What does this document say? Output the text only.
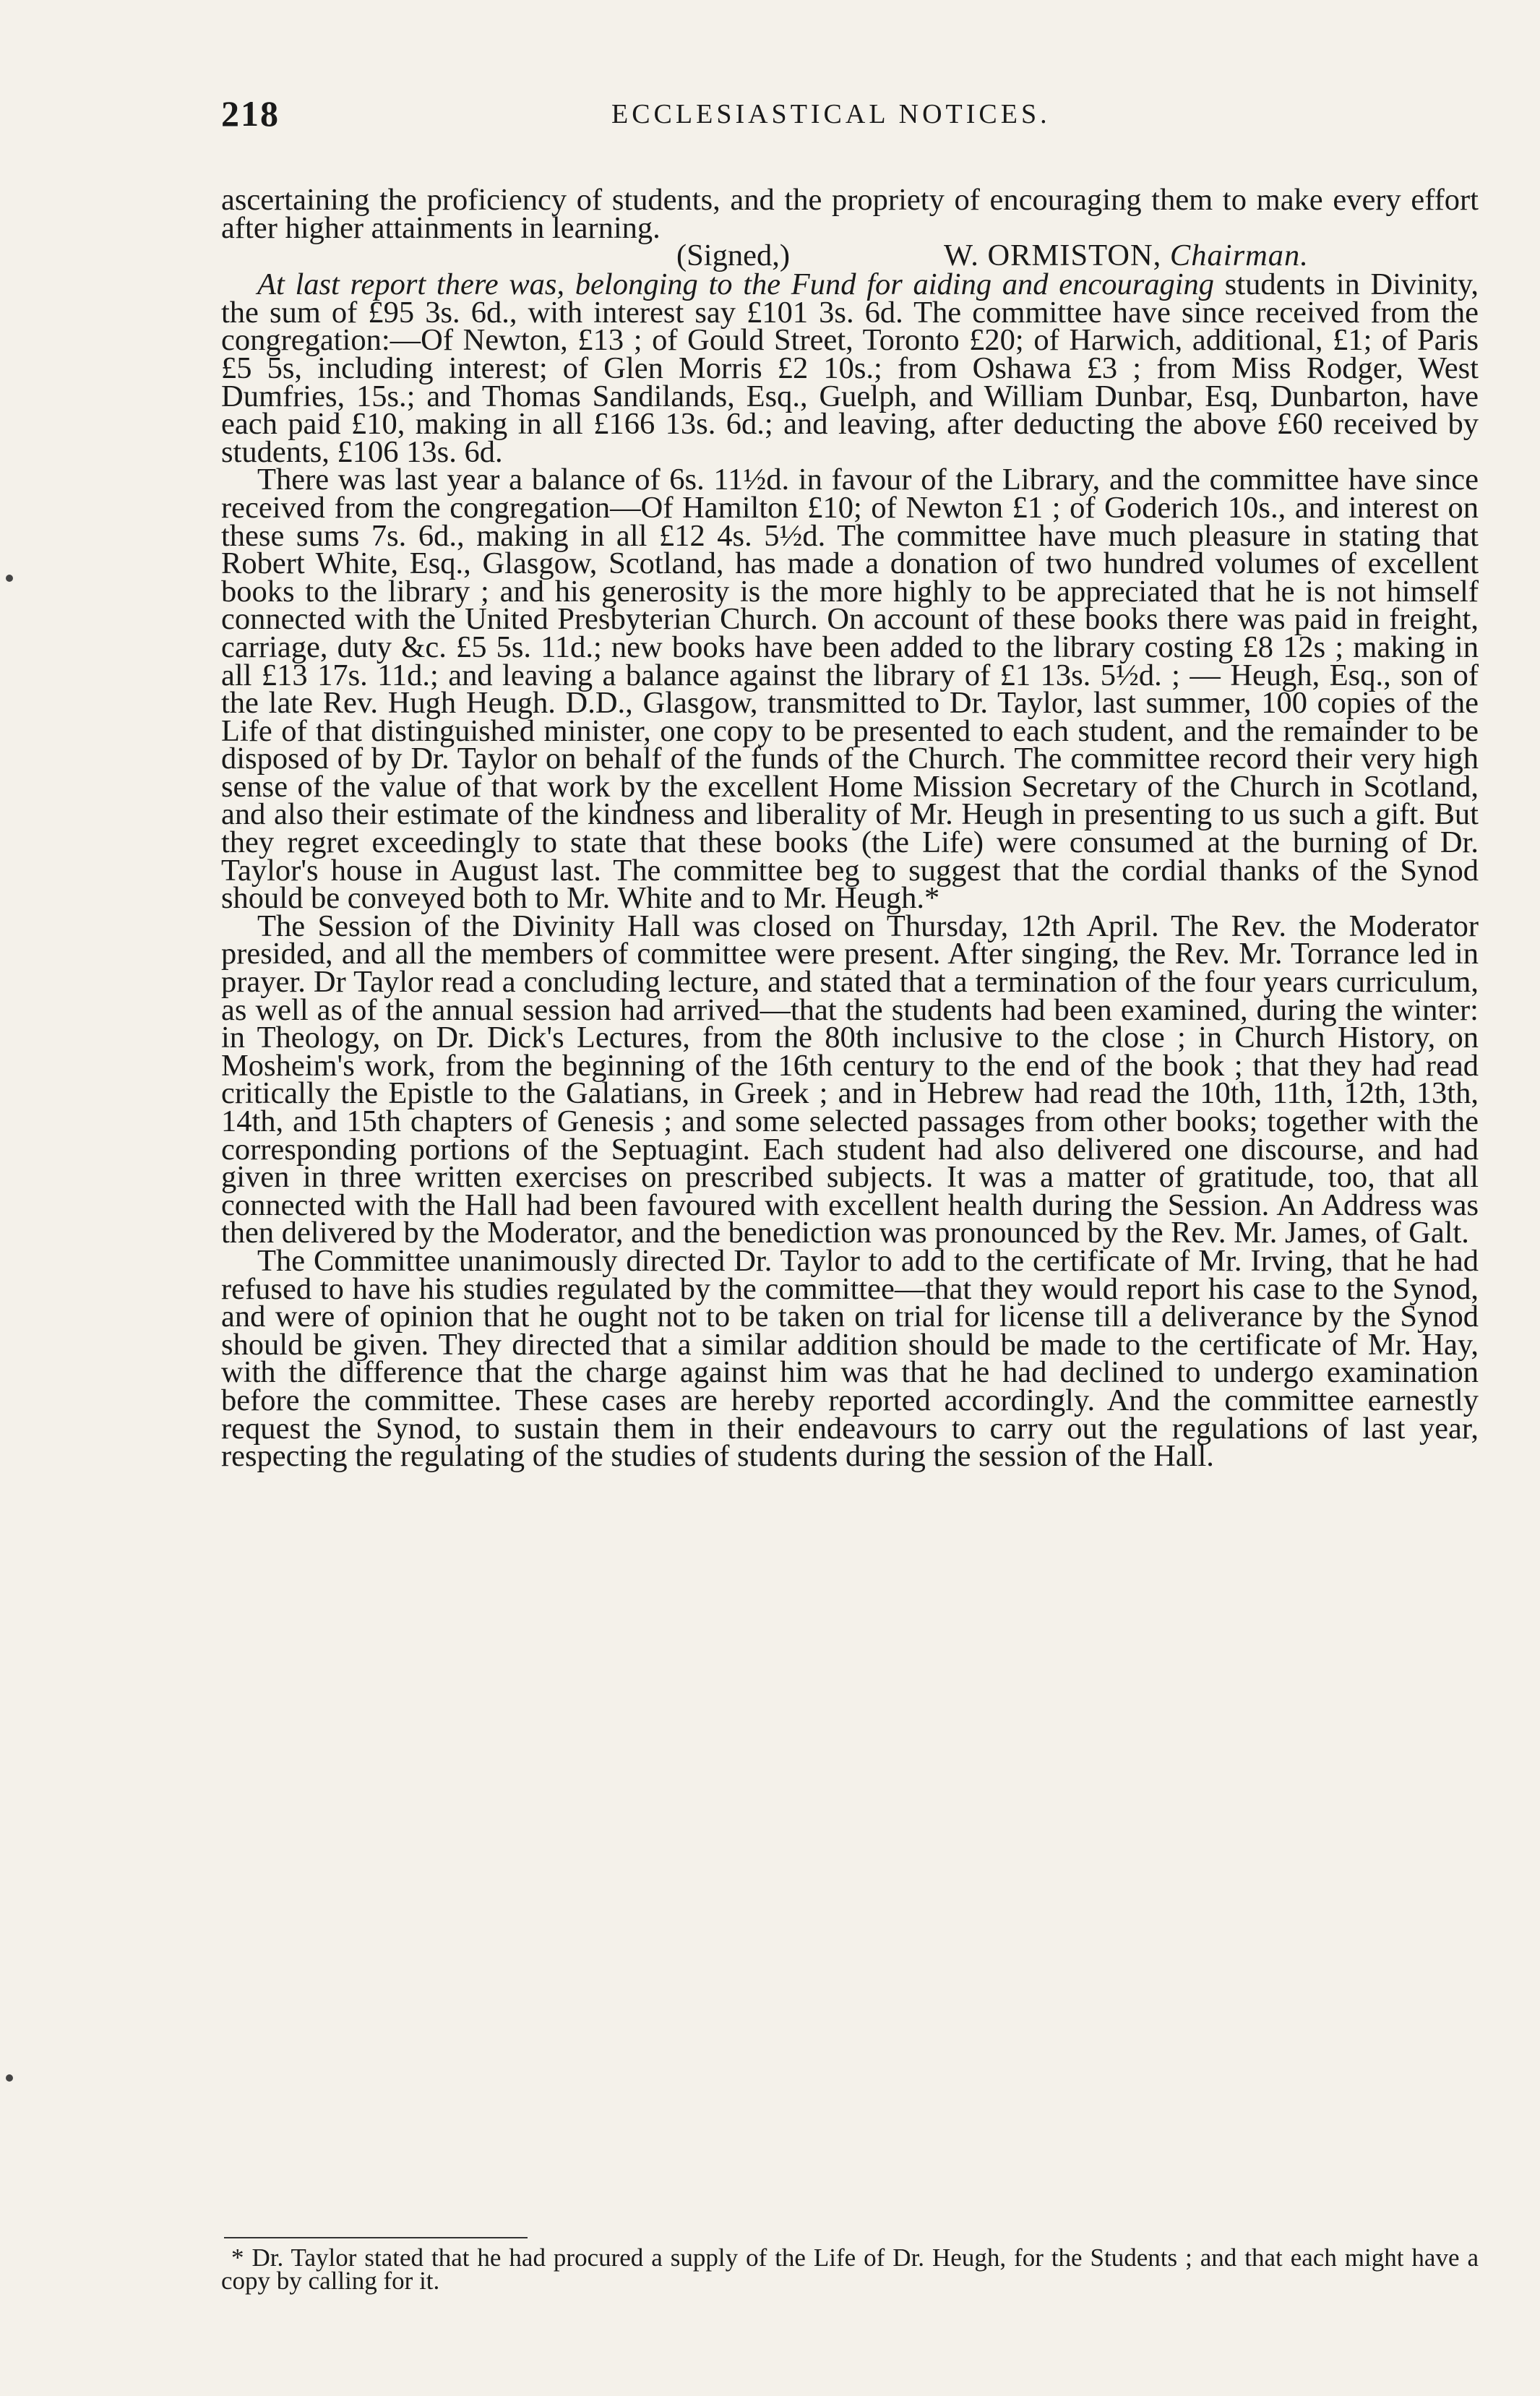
218	ECCLESIASTICAL NOTICES.

ascertaining the proficiency of students, and the propriety of encouraging them to make every effort after higher attainments in learning.

(Signed,)	W. ORMISTON, Chairman.

At last report there was, belonging to the Fund for aiding and encouraging students in Divinity, the sum of £95 3s. 6d., with interest say £101 3s. 6d. The committee have since received from the congregation:—Of Newton, £13 ; of Gould Street, Toronto £20; of Harwich, additional, £1; of Paris £5 5s, including interest; of Glen Morris £2 10s.; from Oshawa £3 ; from Miss Rodger, West Dumfries, 15s.; and Thomas Sandilands, Esq., Guelph, and William Dunbar, Esq, Dunbarton, have each paid £10, making in all £166 13s. 6d.; and leaving, after deducting the above £60 received by students, £106 13s. 6d.

There was last year a balance of 6s. 11½d. in favour of the Library, and the committee have since received from the congregation—Of Hamilton £10; of Newton £1 ; of Goderich 10s., and interest on these sums 7s. 6d., making in all £12 4s. 5½d. The committee have much pleasure in stating that Robert White, Esq., Glasgow, Scotland, has made a donation of two hundred volumes of excellent books to the library ; and his generosity is the more highly to be appreciated that he is not himself connected with the United Presbyterian Church. On account of these books there was paid in freight, carriage, duty &c. £5 5s. 11d.; new books have been added to the library costing £8 12s ; making in all £13 17s. 11d.; and leaving a balance against the library of £1 13s. 5½d. ; — Heugh, Esq., son of the late Rev. Hugh Heugh. D.D., Glasgow, transmitted to Dr. Taylor, last summer, 100 copies of the Life of that distinguished minister, one copy to be presented to each student, and the remainder to be disposed of by Dr. Taylor on behalf of the funds of the Church. The committee record their very high sense of the value of that work by the excellent Home Mission Secretary of the Church in Scotland, and also their estimate of the kindness and liberality of Mr. Heugh in presenting to us such a gift. But they regret exceedingly to state that these books (the Life) were consumed at the burning of Dr. Taylor's house in August last. The committee beg to suggest that the cordial thanks of the Synod should be conveyed both to Mr. White and to Mr. Heugh.*

The Session of the Divinity Hall was closed on Thursday, 12th April. The Rev. the Moderator presided, and all the members of committee were present. After singing, the Rev. Mr. Torrance led in prayer. Dr Taylor read a concluding lecture, and stated that a termination of the four years curriculum, as well as of the annual session had arrived—that the students had been examined, during the winter: in Theology, on Dr. Dick's Lectures, from the 80th inclusive to the close ; in Church History, on Mosheim's work, from the beginning of the 16th century to the end of the book ; that they had read critically the Epistle to the Galatians, in Greek ; and in Hebrew had read the 10th, 11th, 12th, 13th, 14th, and 15th chapters of Genesis ; and some selected passages from other books; together with the corresponding portions of the Septuagint. Each student had also delivered one discourse, and had given in three written exercises on prescribed subjects. It was a matter of gratitude, too, that all connected with the Hall had been favoured with excellent health during the Session. An Address was then delivered by the Moderator, and the benediction was pronounced by the Rev. Mr. James, of Galt.

The Committee unanimously directed Dr. Taylor to add to the certificate of Mr. Irving, that he had refused to have his studies regulated by the committee—that they would report his case to the Synod, and were of opinion that he ought not to be taken on trial for license till a deliverance by the Synod should be given. They directed that a similar addition should be made to the certificate of Mr. Hay, with the difference that the charge against him was that he had declined to undergo examination before the committee. These cases are hereby reported accordingly. And the committee earnestly request the Synod, to sustain them in their endeavours to carry out the regulations of last year, respecting the regulating of the studies of students during the session of the Hall.

* Dr. Taylor stated that he had procured a supply of the Life of Dr. Heugh, for the Students ; and that each might have a copy by calling for it.
